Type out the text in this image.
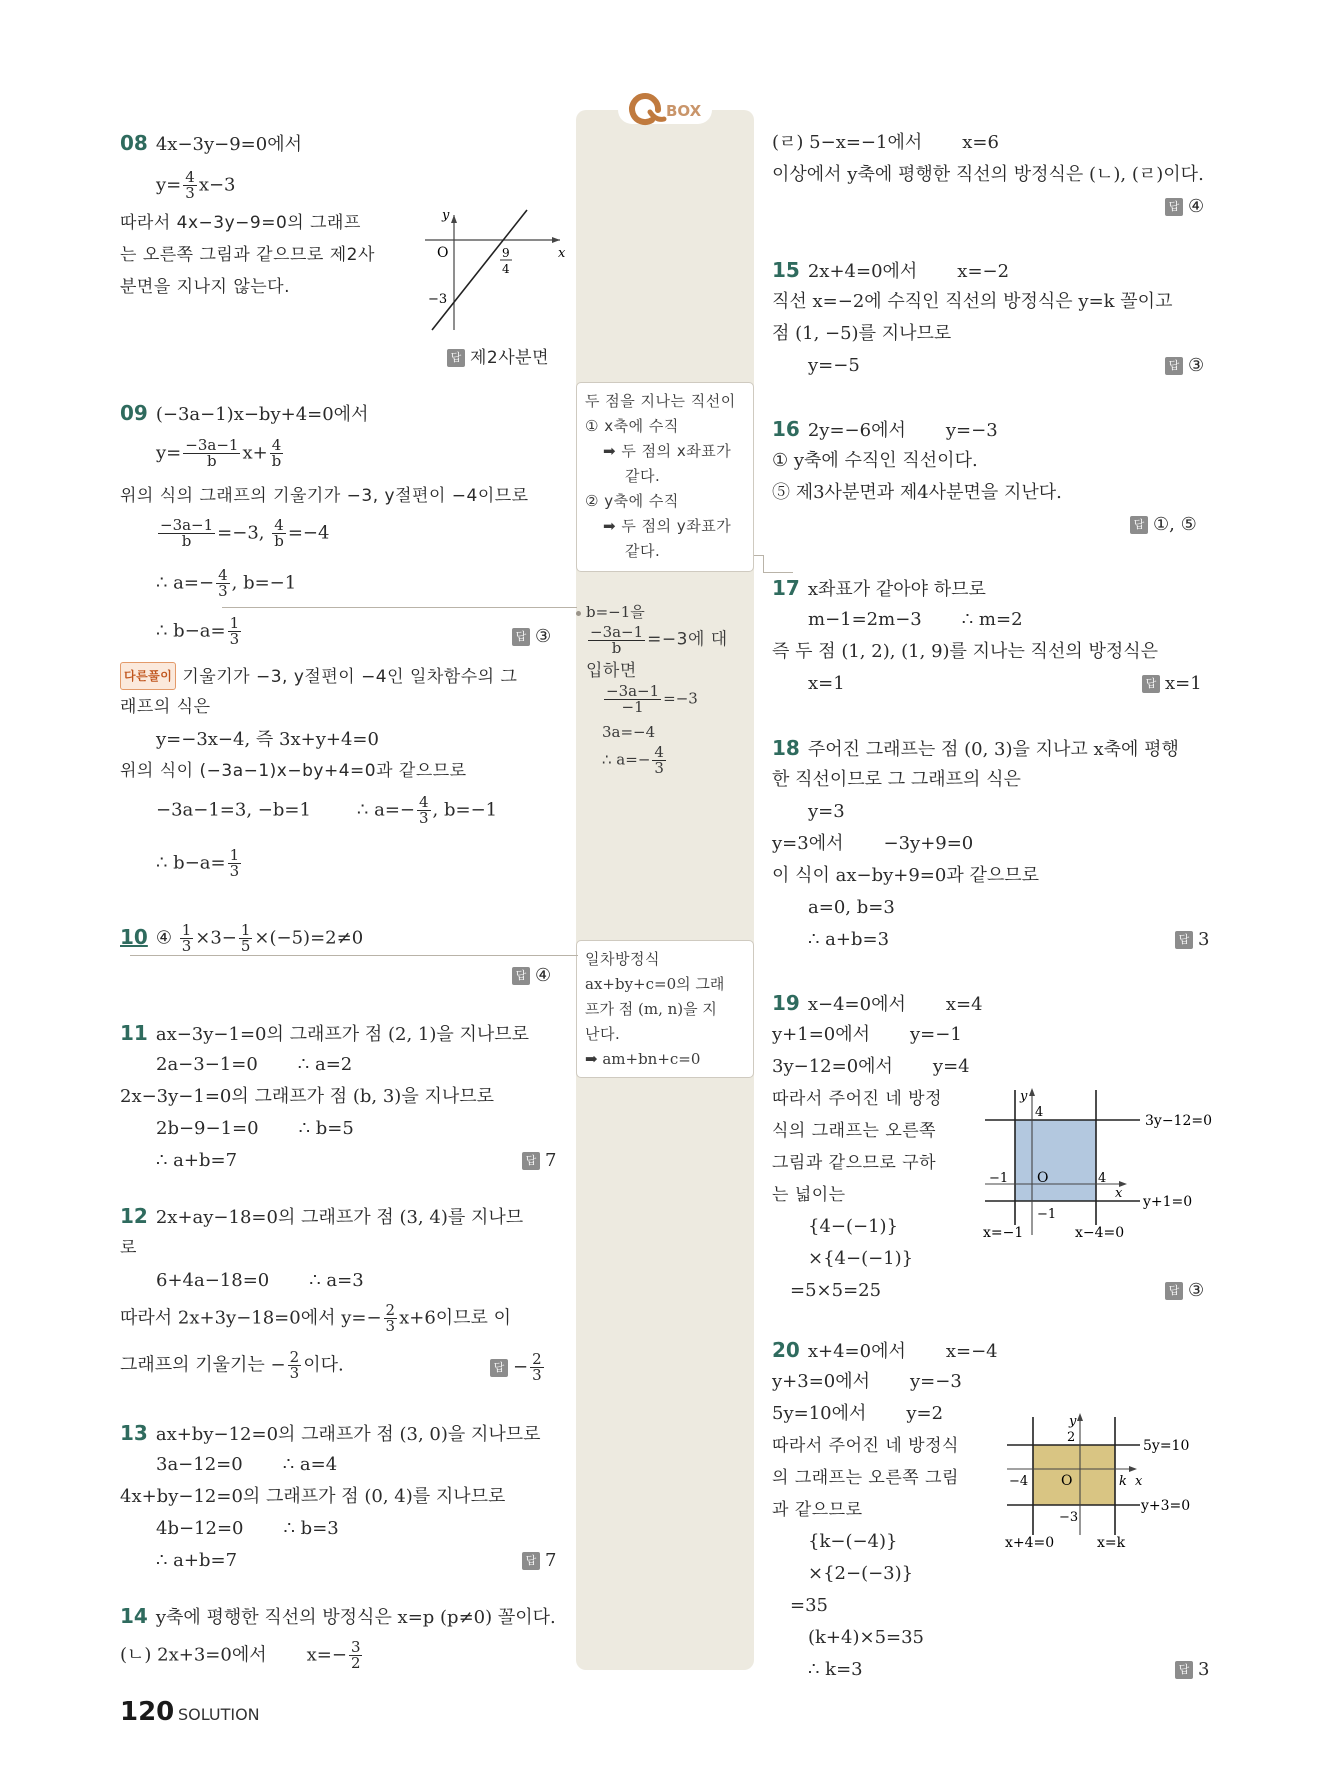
BOX
두 점을 지나는 직선이
① x축에 수직
➡ 두 점의 x좌표가
같다.
② y축에 수직
➡ 두 점의 y좌표가
같다.
b=−1을
$\frac{-3a-1}{b} =-3$에 대
입하면
$\frac{-3a-1}{-1} =-3$
3a=−4
∴ $a=- \frac{4}{3}$
일차방정식
ax+by+c=0의 그래
프가 점 (m, n)을 지
난다.
➡ am+bn+c=0
08 4x−3y−9=0에서
$y= \frac{4}{3} x-3$
따라서 4x−3y−9=0의 그래프
는 오른쪽 그림과 같으므로 제2사
분면을 지나지 않는다.
y
x
O
−3
9
4
답 제2사분면
09 (−3a−1)x−by+4=0에서
$y= \frac{-3a-1}{b} x+ \frac{4}{b}$
위의 식의 그래프의 기울기가 −3, y절편이 −4이므로
$\frac{-3a-1}{b} =-3$, $\frac{4}{b} =-4$
∴ $a=- \frac{4}{3}$ , b=−1
∴ $b-a= \frac{1}{3}$	답 ③
다른풀이 기울기가 −3, y절편이 −4인 일차함수의 그
래프의 식은
y=−3x−4, 즉 3x+y+4=0
위의 식이 (−3a−1)x−by+4=0과 같으므로
−3a−1=3, −b=1	∴ $a=- \frac{4}{3}$ , b=−1
∴ $b-a= \frac{1}{3}$
10 ④ $\frac{1}{3} \times 3- \frac{1}{5} \times(-5)=2\ne 0$
답 ④
11 ax−3y−1=0의 그래프가 점 (2, 1)을 지나므로
2a−3−1=0 ∴ a=2
2x−3y−1=0의 그래프가 점 (b, 3)을 지나므로
2b−9−1=0 ∴ b=5
∴ a+b=7	답 7
12 2x+ay−18=0의 그래프가 점 (3, 4)를 지나므
로
6+4a−18=0 ∴ a=3
따라서 2x+3y−18=0에서 $y=- \frac{2}{3} x+6$이므로 이
그래프의 기울기는 − $\frac{2}{3}$ 이다.	답 − $\frac{2}{3}$
13 ax+by−12=0의 그래프가 점 (3, 0)을 지나므로
3a−12=0 ∴ a=4
4x+by−12=0의 그래프가 점 (0, 4)를 지나므로
4b−12=0 ∴ b=3
∴ a+b=7	답 7
14 y축에 평행한 직선의 방정식은 x=p (p≠0) 꼴이다.
(ㄴ) 2x+3=0에서 $x=- \frac{3}{2}$
(ㄹ) 5−x=−1에서 x=6
이상에서 y축에 평행한 직선의 방정식은 (ㄴ), (ㄹ)이다.
답 ④
15 2x+4=0에서 x=−2
직선 x=−2에 수직인 직선의 방정식은 y=k 꼴이고
점 (1, −5)를 지나므로
y=−5	답 ③
16 2y=−6에서 y=−3
① y축에 수직인 직선이다.
⑤ 제3사분면과 제4사분면을 지난다.
답 ①, ⑤
17 x좌표가 같아야 하므로
m−1=2m−3 ∴ m=2
즉 두 점 (1, 2), (1, 9)를 지나는 직선의 방정식은
x=1	답 x=1
18 주어진 그래프는 점 (0, 3)을 지나고 x축에 평행
한 직선이므로 그 그래프의 식은
y=3
y=3에서 −3y+9=0
이 식이 ax−by+9=0과 같으므로
a=0, b=3
∴ a+b=3	답 3
19 x−4=0에서 x=4
y+1=0에서 y=−1
3y−12=0에서 y=4
따라서 주어진 네 방정
식의 그래프는 오른쪽
그림과 같으므로 구하
는 넓이는
{4−(−1)}
×{4−(−1)}
=5×5=25	답 ③
y
4
3y−12=0
−1 O	4
x
y+1=0
−1
x=−1	x−4=0
20 x+4=0에서 x=−4
y+3=0에서 y=−3
5y=10에서 y=2
따라서 주어진 네 방정식
의 그래프는 오른쪽 그림
과 같으므로
{k−(−4)}
×{2−(−3)}
=35
(k+4)×5=35
∴ k=3	답 3
y
2
5y=10
−4 O	k x
y+3=0
−3
x+4=0	x=k
120 SOLUTION
